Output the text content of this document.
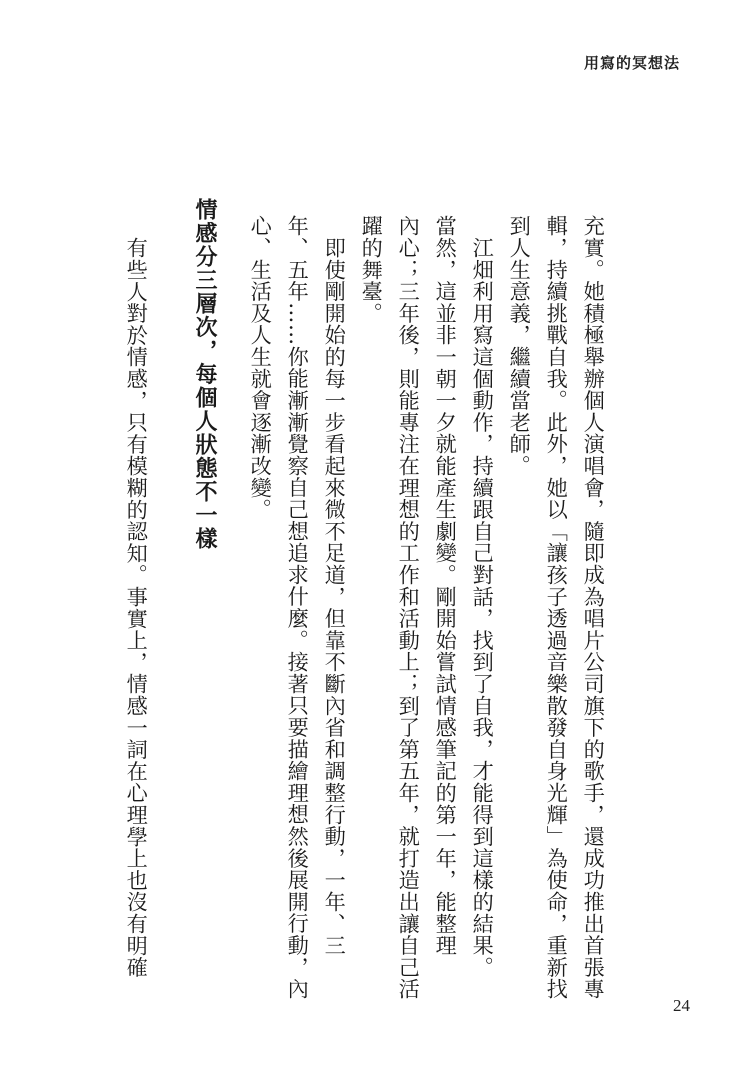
用寫的冥想法
充實。她積極舉辦個人演唱會，隨即成為唱片公司旗下的歌手，還成功推出首張專
輯，持續挑戰自我。此外，她以「讓孩子透過音樂散發自身光輝」為使命，重新找
到人生意義，繼續當老師。
　江畑利用寫這個動作，持續跟自己對話，找到了自我，才能得到這樣的結果。
當然，這並非一朝一夕就能產生劇變。剛開始嘗試情感筆記的第一年，能整理
內心；三年後，則能專注在理想的工作和活動上；到了第五年，就打造出讓自己活
躍的舞臺。
　即使剛開始的每一步看起來微不足道，但靠不斷內省和調整行動，一年、三
年、五年……你能漸漸覺察自己想追求什麼。接著只要描繪理想然後展開行動，內
心、生活及人生就會逐漸改變。
情感分三層次，每個人狀態不一樣
有些人對於情感，只有模糊的認知。事實上，情感一詞在心理學上也沒有明確
24
